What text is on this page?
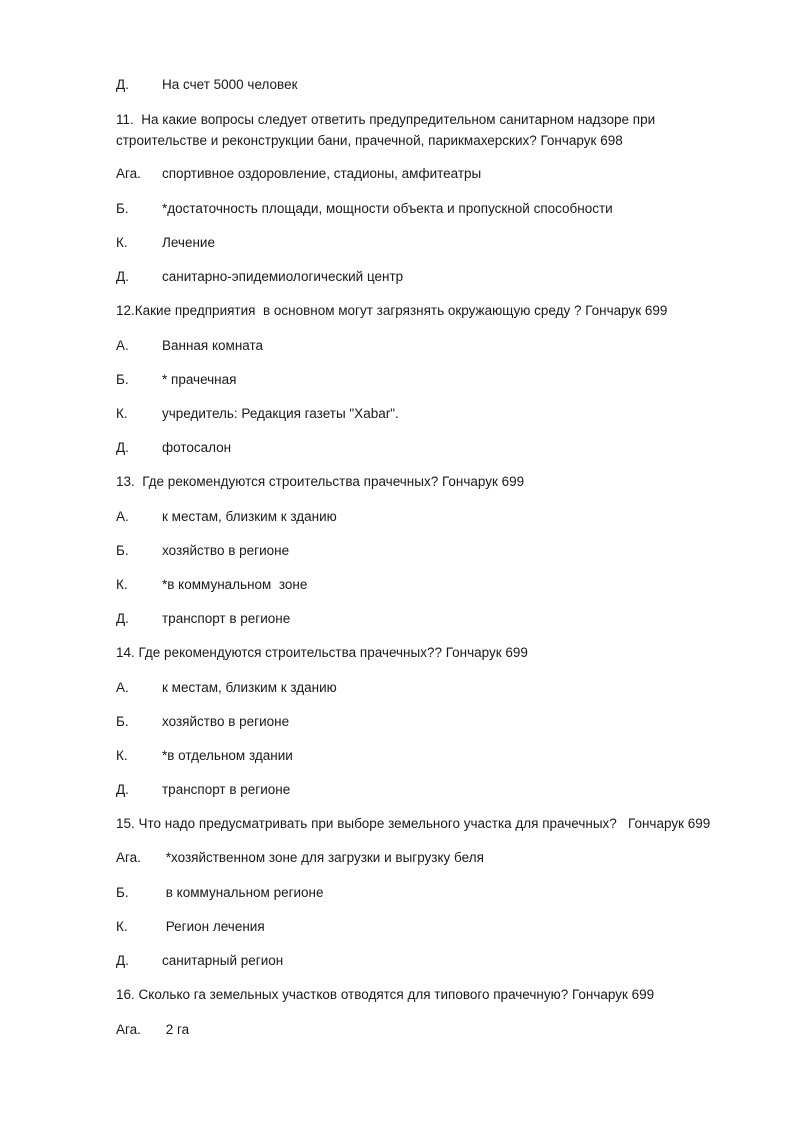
Д. На счет 5000 человек
11.  На какие вопросы следует ответить предупредительном санитарном надзоре при
строительстве и реконструкции бани, прачечной, парикмахерских? Гончарук 698
Ага. спортивное оздоровление, стадионы, амфитеатры
Б. *достаточность площади, мощности объекта и пропускной способности
К.	Лечение
Д. санитарно-эпидемиологический центр
12.Какие предприятия  в основном могут загрязнять окружающую среду ? Гончарук 699
А. Ванная комната
Б. * прачечная
К.	учредитель: Редакция газеты "Xabar".
Д. фотосалон
13.  Где рекомендуются строительства прачечных? Гончарук 699
А. к местам, близким к зданию
Б. хозяйство в регионе
К.	*в коммунальном  зоне
Д. транспорт в регионе
14. Где рекомендуются строительства прачечных?? Гончарук 699
А. к местам, близким к зданию
Б. хозяйство в регионе
К.	*в отдельном здании
Д. транспорт в регионе
15. Что надо предусматривать при выборе земельного участка для прачечных?   Гончарук 699
Ага. *хозяйственном зоне для загрузки и выгрузку беля
Б. в коммунальном регионе
К.	Регион лечения
Д. санитарный регион
16. Сколько га земельных участков отводятся для типового прачечную? Гончарук 699
Ага. 2 га
